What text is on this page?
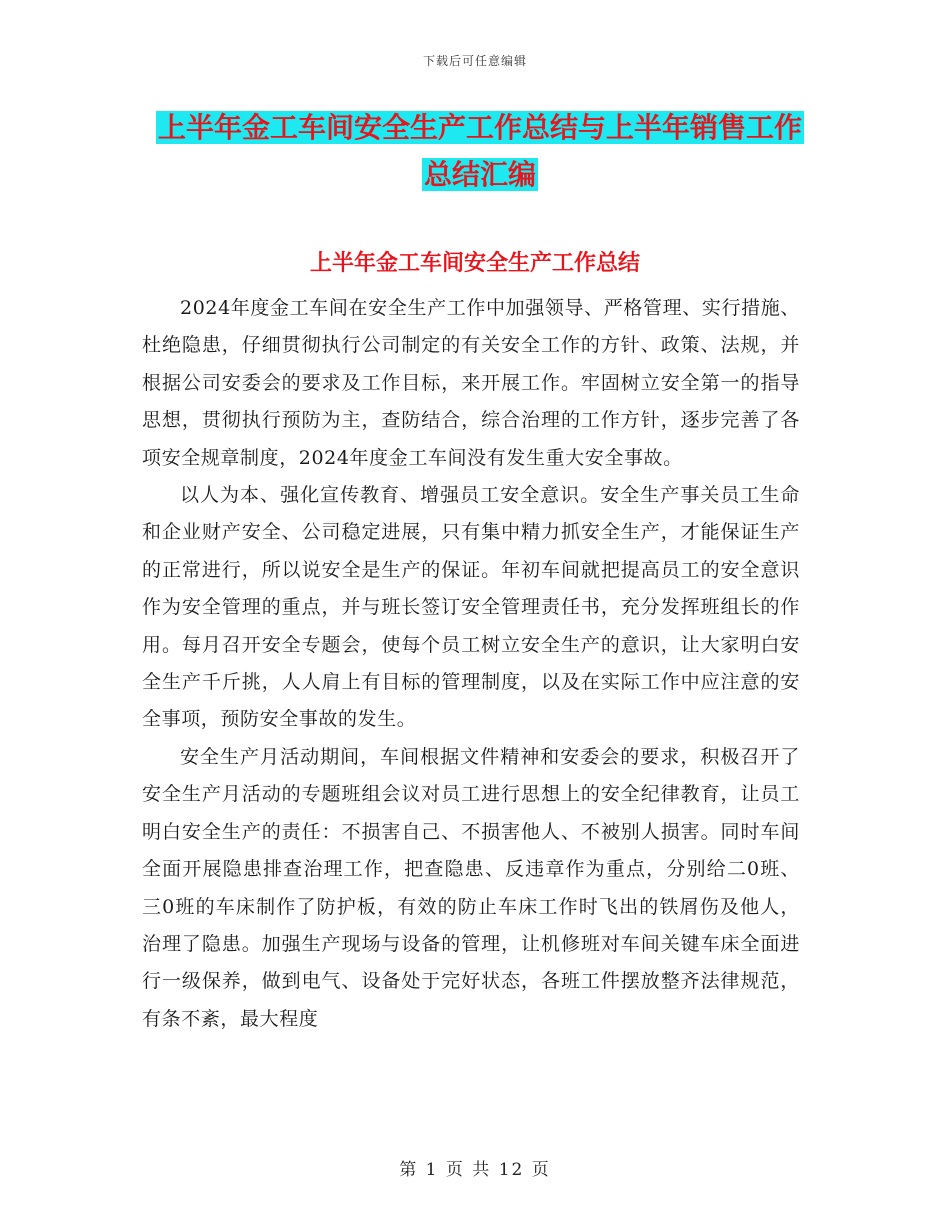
下载后可任意编辑
上半年金工车间安全生产工作总结与上半年销售工作
总结汇编
上半年金工车间安全生产工作总结

2024年度金工车间在安全生产工作中加强领导、严格管理、实行措施、杜绝隐患，仔细贯彻执行公司制定的有关安全工作的方针、政策、法规，并根据公司安委会的要求及工作目标，来开展工作。牢固树立安全第一的指导思想，贯彻执行预防为主，查防结合，综合治理的工作方针，逐步完善了各项安全规章制度，2024年度金工车间没有发生重大安全事故。

以人为本、强化宣传教育、增强员工安全意识。安全生产事关员工生命和企业财产安全、公司稳定进展，只有集中精力抓安全生产，才能保证生产的正常进行，所以说安全是生产的保证。年初车间就把提高员工的安全意识作为安全管理的重点，并与班长签订安全管理责任书，充分发挥班组长的作用。每月召开安全专题会，使每个员工树立安全生产的意识，让大家明白安全生产千斤挑，人人肩上有目标的管理制度，以及在实际工作中应注意的安全事项，预防安全事故的发生。

安全生产月活动期间，车间根据文件精神和安委会的要求，积极召开了安全生产月活动的专题班组会议对员工进行思想上的安全纪律教育，让员工明白安全生产的责任：不损害自己、不损害他人、不被别人损害。同时车间全面开展隐患排查治理工作，把查隐患、反违章作为重点，分别给二0班、三0班的车床制作了防护板，有效的防止车床工作时飞出的铁屑伤及他人，治理了隐患。加强生产现场与设备的管理，让机修班对车间关键车床全面进行一级保养，做到电气、设备处于完好状态，各班工件摆放整齐法律规范，有条不紊，最大程度

第 1 页 共 12 页
